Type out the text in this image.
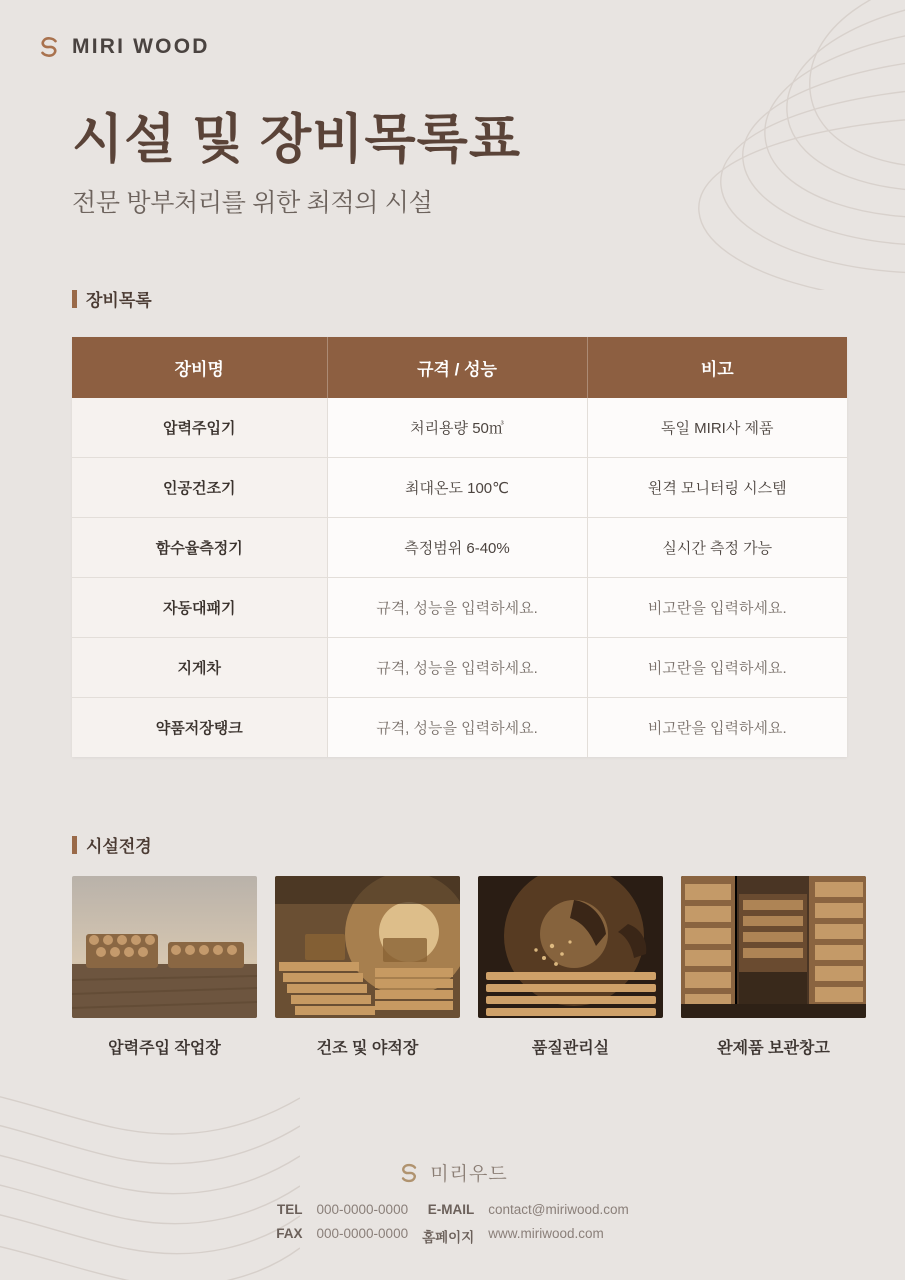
MIRI WOOD
시설 및 장비목록표
전문 방부처리를 위한 최적의 시설
장비목록
장비명	규격 / 성능	비고
압력주입기	처리용량 50㎥	독일 MIRI사 제품
인공건조기	최대온도 100℃	원격 모니터링 시스템
함수율측정기	측정범위 6-40%	실시간 측정 가능
자동대패기	규격, 성능을 입력하세요.	비고란을 입력하세요.
지게차	규격, 성능을 입력하세요.	비고란을 입력하세요.
약품저장탱크	규격, 성능을 입력하세요.	비고란을 입력하세요.
시설전경
압력주입 작업장	건조 및 야적장	품질관리실	완제품 보관창고
미리우드
TEL 000-0000-0000	E-MAIL contact@miriwood.com
FAX 000-0000-0000 홈페이지 www.miriwood.com
